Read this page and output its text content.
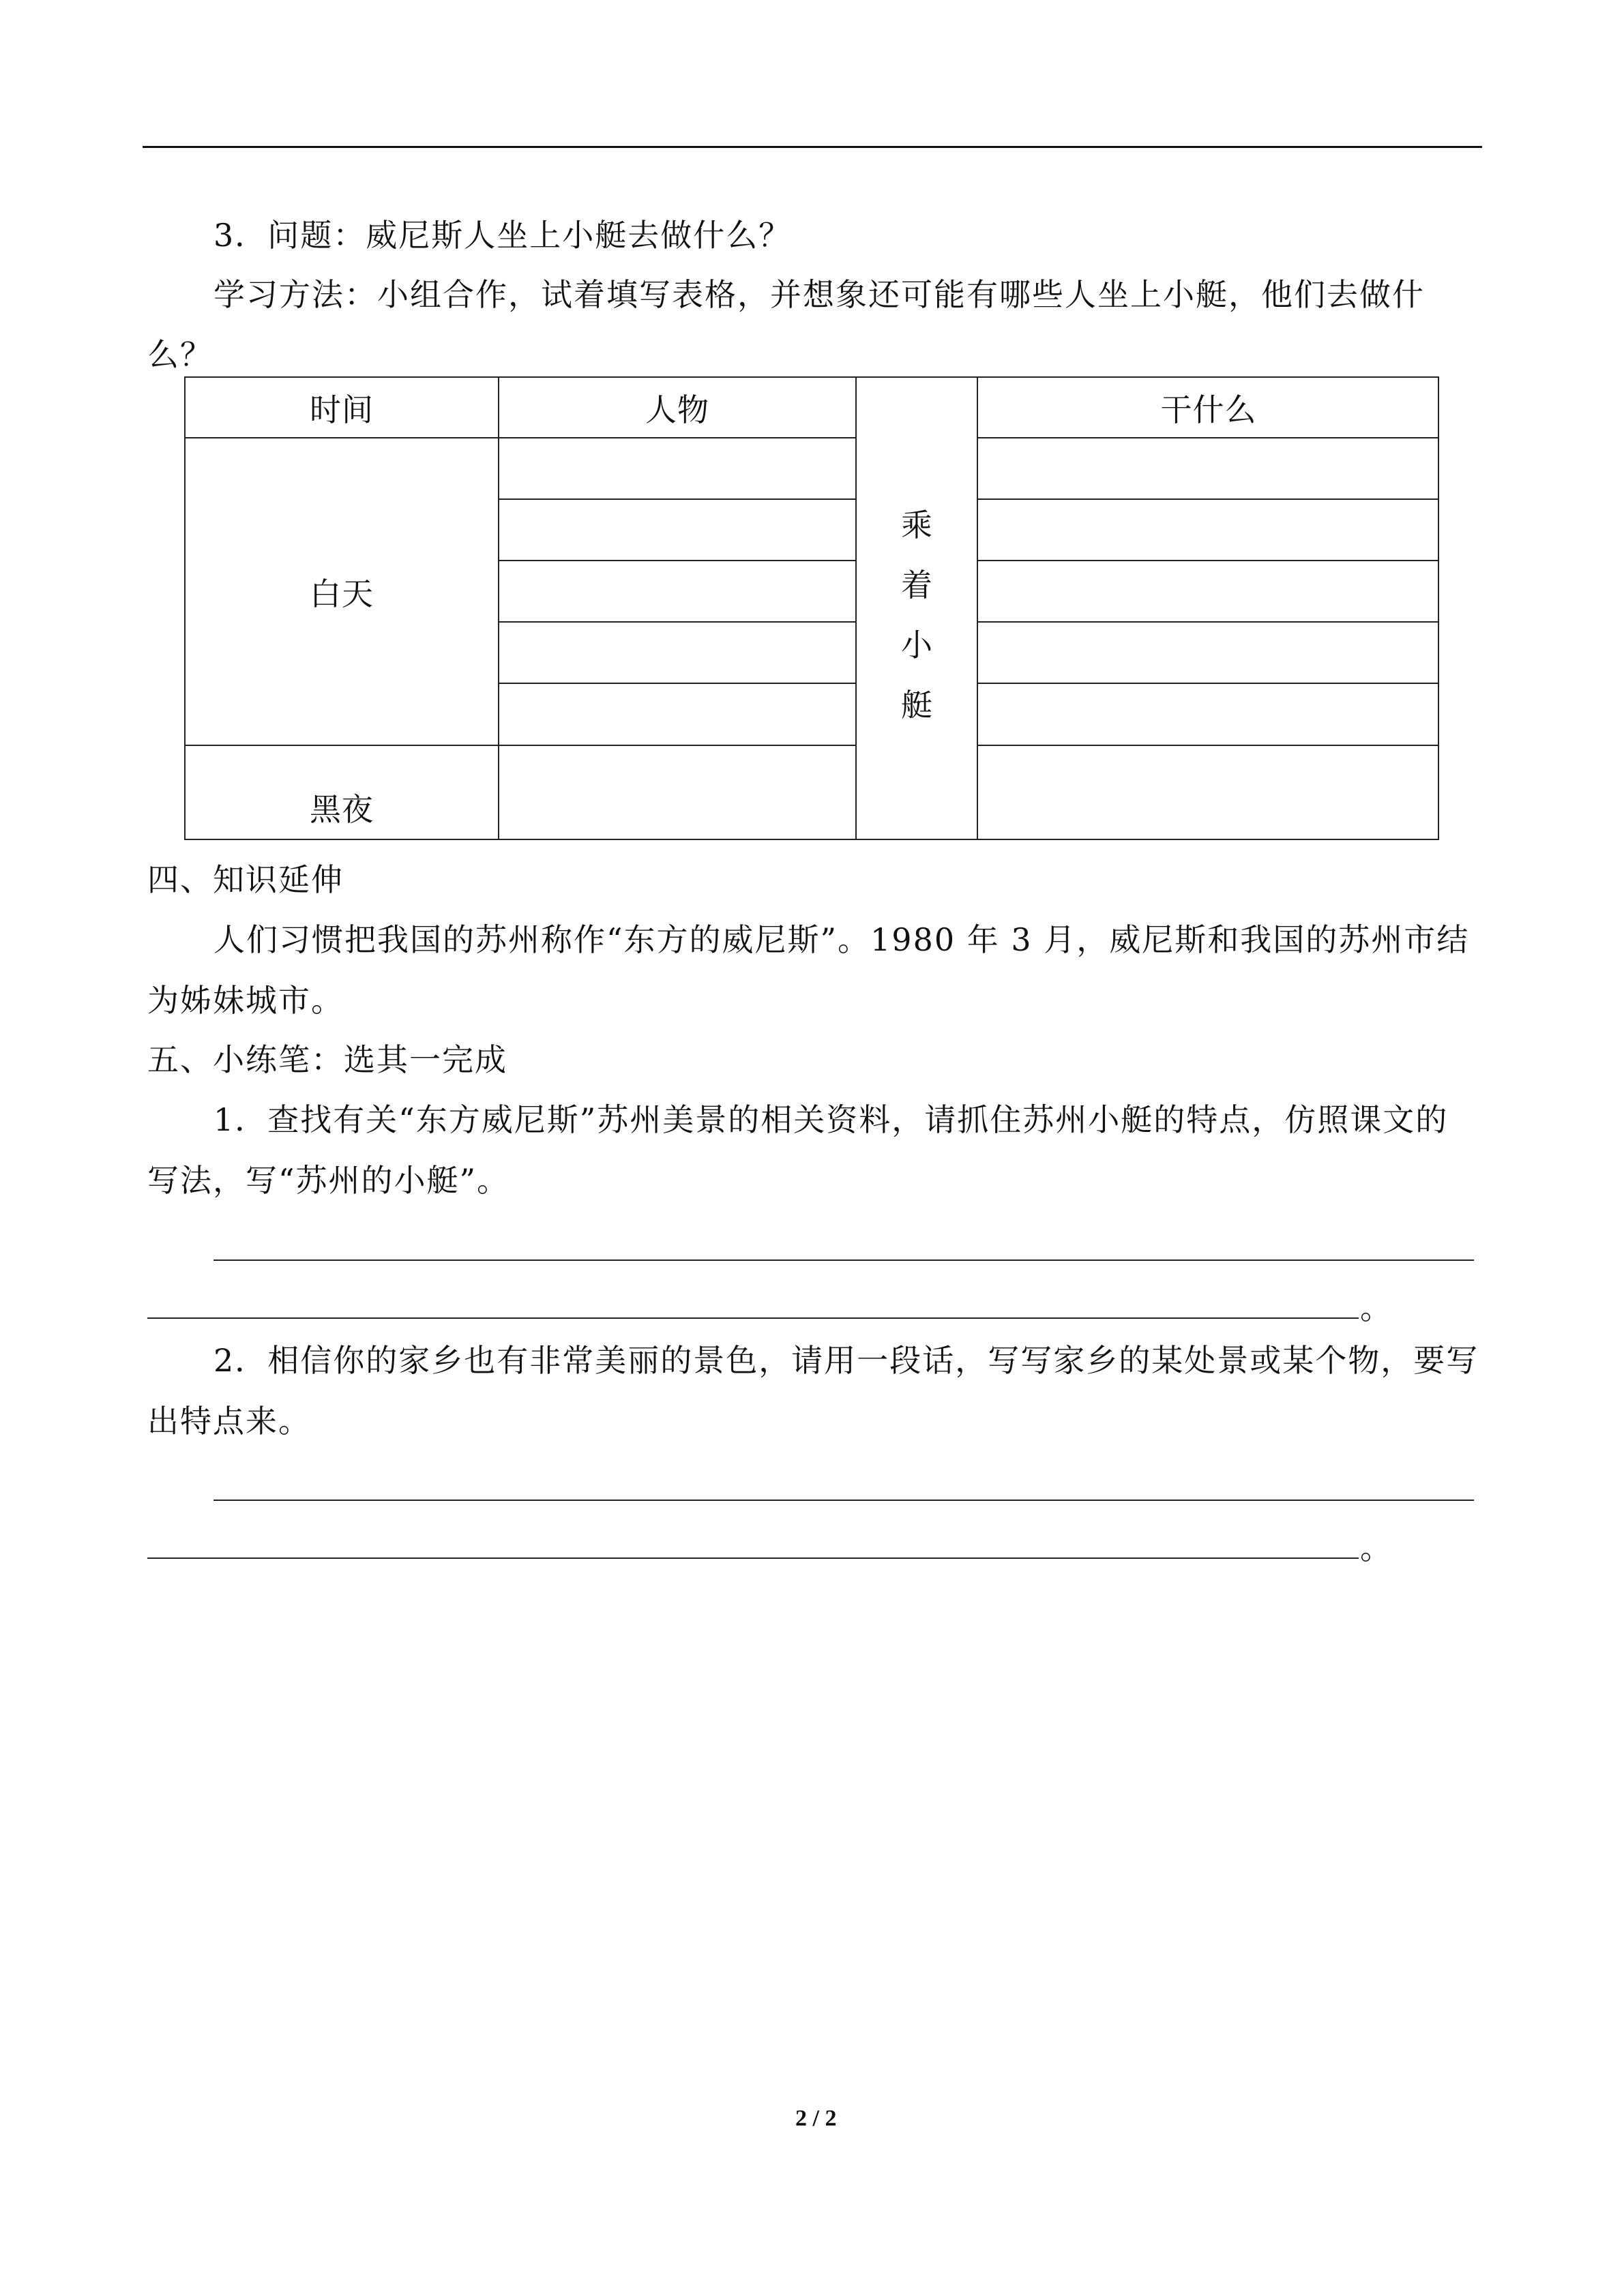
3．问题：威尼斯人坐上小艇去做什么？
学习方法：小组合作，试着填写表格，并想象还可能有哪些人坐上小艇，他们去做什
么？
时间	人物	干什么
白天
黑夜
乘
着
小
艇
四、知识延伸
人们习惯把我国的苏州称作“东方的威尼斯”。1980 年 3 月，威尼斯和我国的苏州市结
为姊妹城市。
五、小练笔：选其一完成
1．查找有关“东方威尼斯”苏州美景的相关资料，请抓住苏州小艇的特点，仿照课文的
写法，写“苏州的小艇”。
。
2．相信你的家乡也有非常美丽的景色，请用一段话，写写家乡的某处景或某个物，要写
出特点来。
。
2 / 2
